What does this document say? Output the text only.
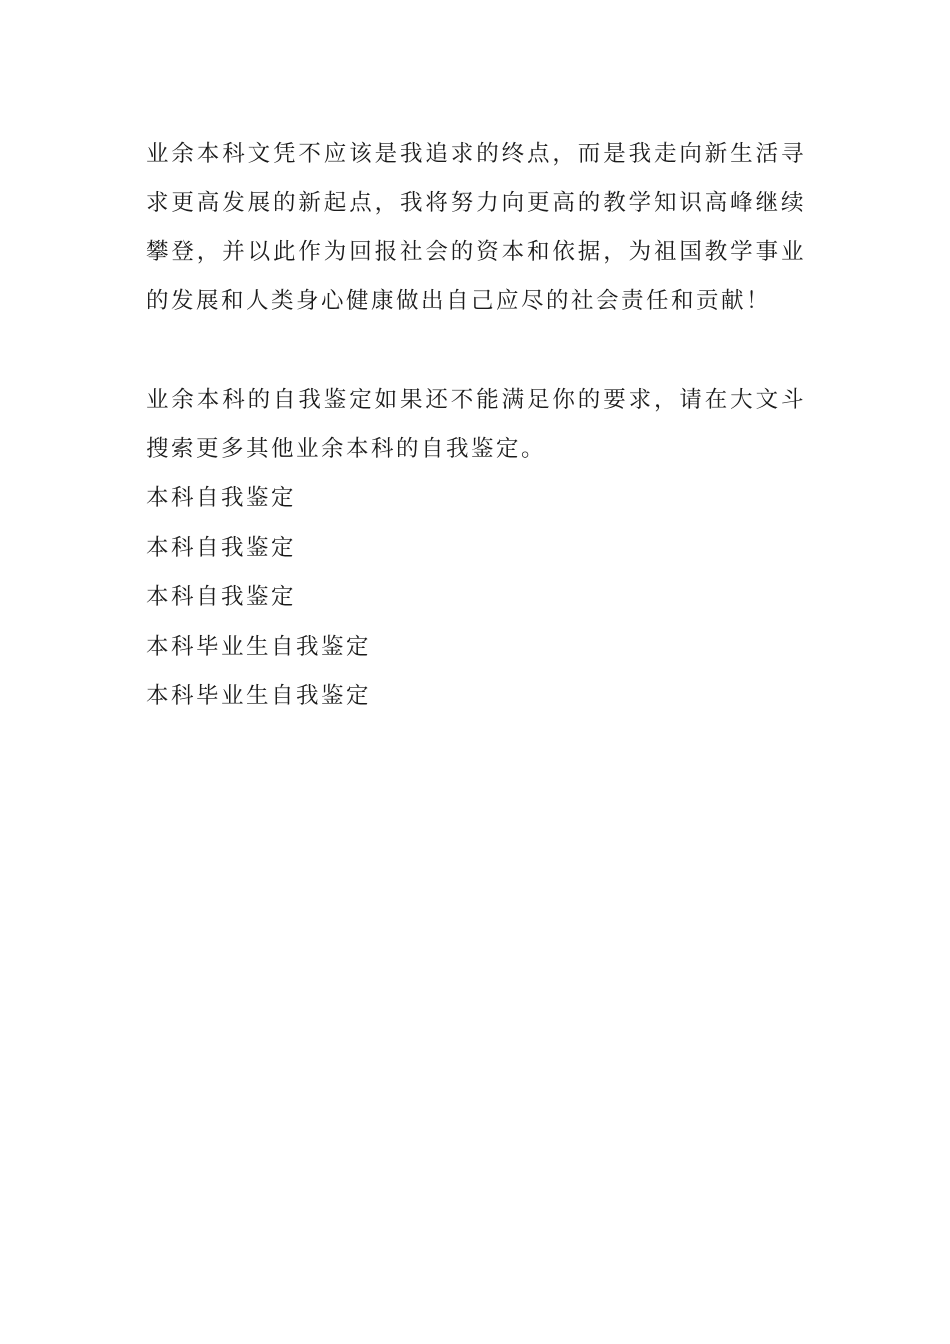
业余本科文凭不应该是我追求的终点，而是我走向新生活寻求更高发展的新起点，我将努力向更高的教学知识高峰继续攀登，并以此作为回报社会的资本和依据，为祖国教学事业的发展和人类身心健康做出自己应尽的社会责任和贡献！

业余本科的自我鉴定如果还不能满足你的要求，请在大文斗搜索更多其他业余本科的自我鉴定。

本科自我鉴定
本科自我鉴定
本科自我鉴定
本科毕业生自我鉴定
本科毕业生自我鉴定
